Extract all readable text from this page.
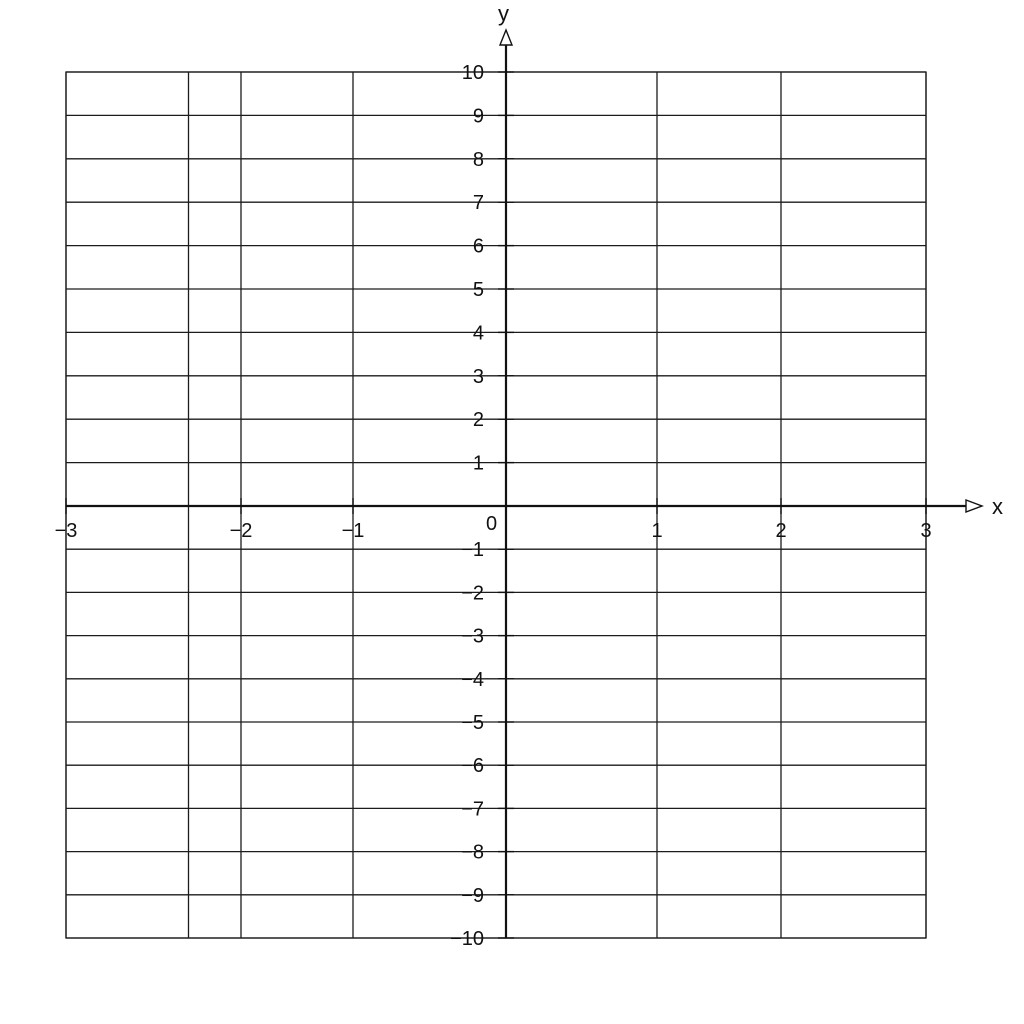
−3	−2	−1	1	2	3
10
9
8
7
6
5
4
3
2
1
−1
−2
−3
−4
−5
−6
−7
−8
−9
−10
x
y
0
